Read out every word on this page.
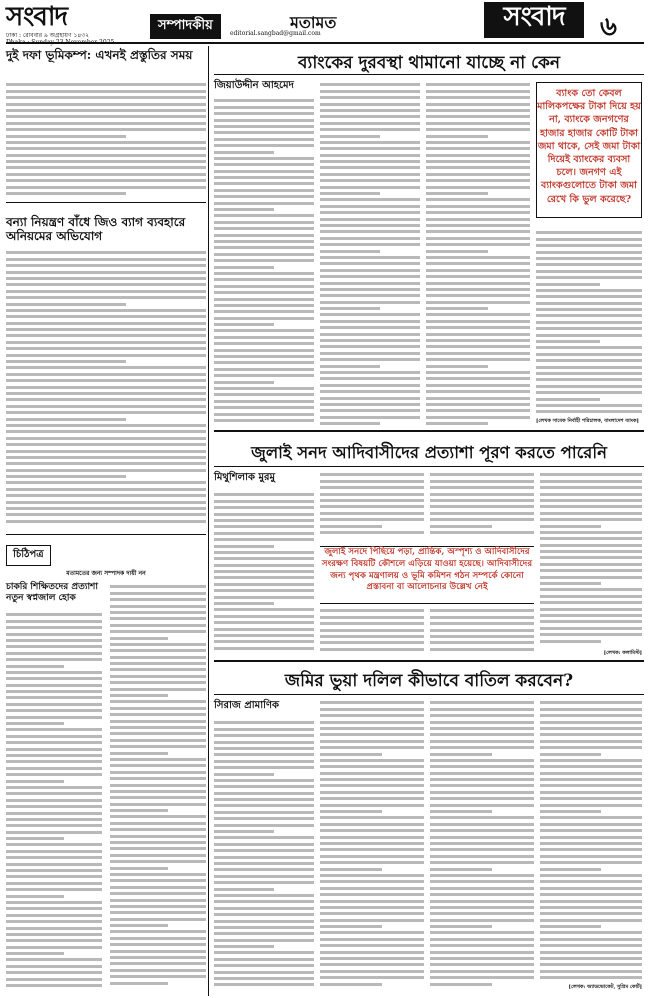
সংবাদ	সম্পাদকীয়
ঢাকা : রোববার ৯ অগ্রহায়ণ ১৪৩২	editorial.sangbad@gmail.com
মতামত	সংবাদ	৬
দুই দফা ভূমিকম্প: এখনই প্রস্তুতির সময়
বন্যা নিয়ন্ত্রণ বাঁধে জিও ব্যাগ ব্যবহারে অনিয়মের অভিযোগ
চিঠিপত্র
মতামতের জন্য সম্পাদক দায়ী নন
চাকরি শিক্ষিতদের প্রত্যাশা নতুন স্বপ্নজাল হোক
ব্যাংকের দুরবস্থা থামানো যাচ্ছে না কেন
জিয়াউদ্দীন আহমেদ
ব্যাংক তো কেবল মালিকপক্ষের টাকা দিয়ে হয় না, ব্যাংকে জনগণের হাজার হাজার কোটি টাকা জমা থাকে, সেই জমা টাকা দিয়েই ব্যাংকের ব্যবসা চলে। জনগণ এই ব্যাংকগুলোতে টাকা জমা রেখে কি ভুল করেছে?
[লেখক সাবেক নির্বাহী পরিচালক, বাংলাদেশ ব্যাংক]
জুলাই সনদ আদিবাসীদের প্রত্যাশা পূরণ করতে পারেনি
মিথুশিলাক মুরমু
জুলাই সনদে পিছিয়ে পড়া, প্রান্তিক, অস্পৃশ্য ও আদিবাসীদের সংরক্ষণ বিষয়টি কৌশলে এড়িয়ে যাওয়া হয়েছে। আদিবাসীদের জন্য পৃথক মন্ত্রণালয় ও ভূমি কমিশন গঠন সম্পর্কে কোনো প্রস্তাবনা বা আলোচনার উল্লেখ নেই
[লেখক: কলামিস্ট]
জমির ভুয়া দলিল কীভাবে বাতিল করবেন?
সিরাজ প্রামাণিক
[লেখক: অ্যাডভোকেট, সুপ্রিম কোর্ট]
